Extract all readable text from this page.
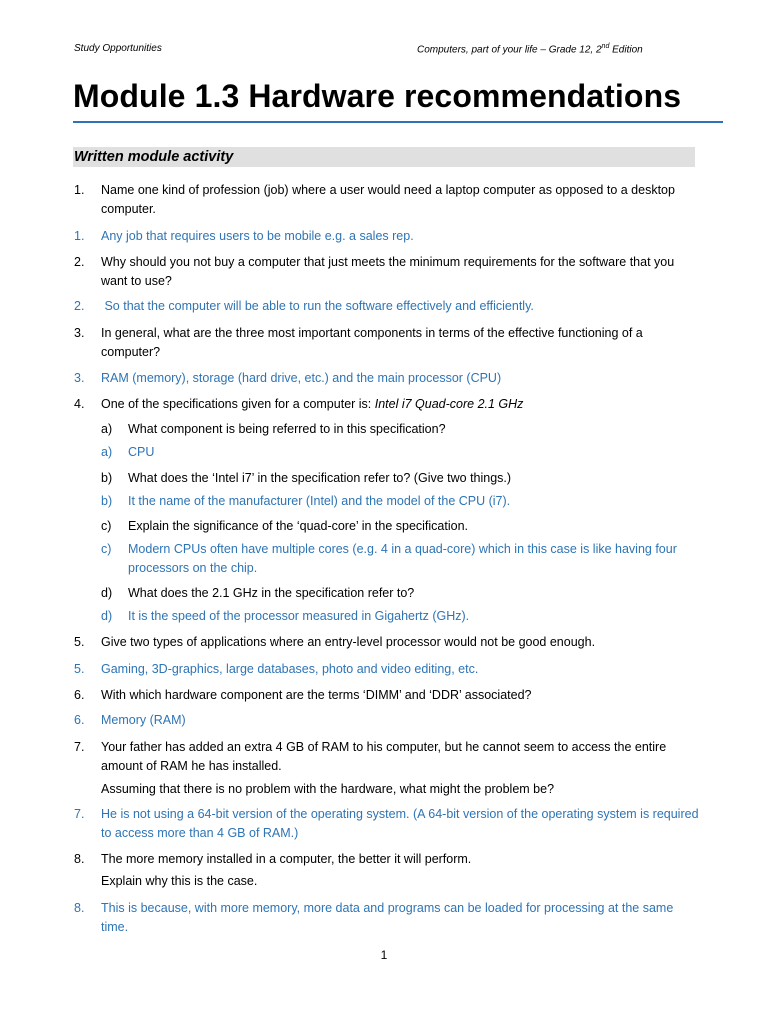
Study Opportunities	Computers, part of your life – Grade 12, 2nd Edition
Module 1.3 Hardware recommendations
Written module activity
1. Name one kind of profession (job) where a user would need a laptop computer as opposed to a desktop computer.
1. Any job that requires users to be mobile e.g. a sales rep.
2. Why should you not buy a computer that just meets the minimum requirements for the software that you want to use?
2. So that the computer will be able to run the software effectively and efficiently.
3. In general, what are the three most important components in terms of the effective functioning of a computer?
3. RAM (memory), storage (hard drive, etc.) and the main processor (CPU)
4. One of the specifications given for a computer is: Intel i7 Quad-core 2.1 GHz
a) What component is being referred to in this specification?
a) CPU
b) What does the ‘Intel i7’ in the specification refer to? (Give two things.)
b) It the name of the manufacturer (Intel) and the model of the CPU (i7).
c) Explain the significance of the ‘quad-core’ in the specification.
c) Modern CPUs often have multiple cores (e.g. 4 in a quad-core) which in this case is like having four processors on the chip.
d) What does the 2.1 GHz in the specification refer to?
d) It is the speed of the processor measured in Gigahertz (GHz).
5. Give two types of applications where an entry-level processor would not be good enough.
5. Gaming, 3D-graphics, large databases, photo and video editing, etc.
6. With which hardware component are the terms ‘DIMM’ and ‘DDR’ associated?
6. Memory (RAM)
7. Your father has added an extra 4 GB of RAM to his computer, but he cannot seem to access the entire amount of RAM he has installed.
Assuming that there is no problem with the hardware, what might the problem be?
7. He is not using a 64-bit version of the operating system. (A 64-bit version of the operating system is required to access more than 4 GB of RAM.)
8. The more memory installed in a computer, the better it will perform.
Explain why this is the case.
8. This is because, with more memory, more data and programs can be loaded for processing at the same time.
1
